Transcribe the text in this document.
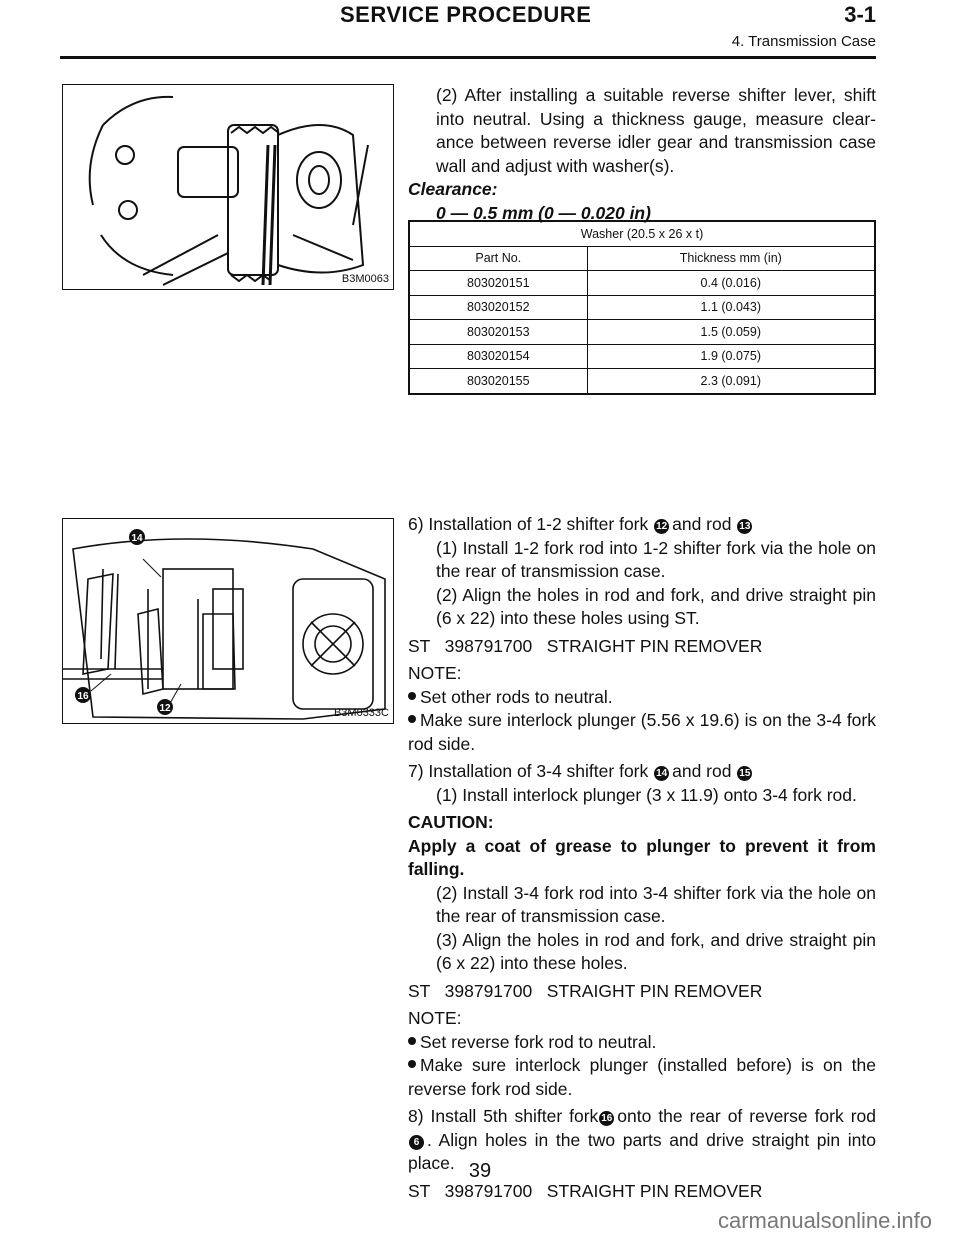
SERVICE PROCEDURE	3-1
4. Transmission Case
B3M0063
14
16
12	B3M0333C
(2) After installing a suitable reverse shifter lever, shift into neutral. Using a thickness gauge, measure clear-ance between reverse idler gear and transmission case wall and adjust with washer(s).
Clearance:
0 — 0.5 mm (0 — 0.020 in)
Washer (20.5 x 26 x t)	
Part No.	Thickness mm (in)
803020151	0.4 (0.016)
803020152	1.1 (0.043)
803020153	1.5 (0.059)
803020154	1.9 (0.075)
803020155	2.3 (0.091)
6) Installation of 1-2 shifter fork 12 and rod 13
(1) Install 1-2 fork rod into 1-2 shifter fork via the hole on the rear of transmission case.
(2) Align the holes in rod and fork, and drive straight pin (6 x 22) into these holes using ST.
ST   398791700   STRAIGHT PIN REMOVER
NOTE:
Set other rods to neutral.
Make sure interlock plunger (5.56 x 19.6) is on the 3-4 fork rod side.
7) Installation of 3-4 shifter fork 14 and rod 15
(1) Install interlock plunger (3 x 11.9) onto 3-4 fork rod.
CAUTION:
Apply a coat of grease to plunger to prevent it from falling.
(2) Install 3-4 fork rod into 3-4 shifter fork via the hole on the rear of transmission case.
(3) Align the holes in rod and fork, and drive straight pin (6 x 22) into these holes.
ST   398791700   STRAIGHT PIN REMOVER
NOTE:
Set reverse fork rod to neutral.
Make sure interlock plunger (installed before) is on the reverse fork rod side.
8) Install 5th shifter fork 16 onto the rear of reverse fork rod 6 . Align holes in the two parts and drive straight pin into place.
ST   398791700   STRAIGHT PIN REMOVER
39
carmanualsonline.info
